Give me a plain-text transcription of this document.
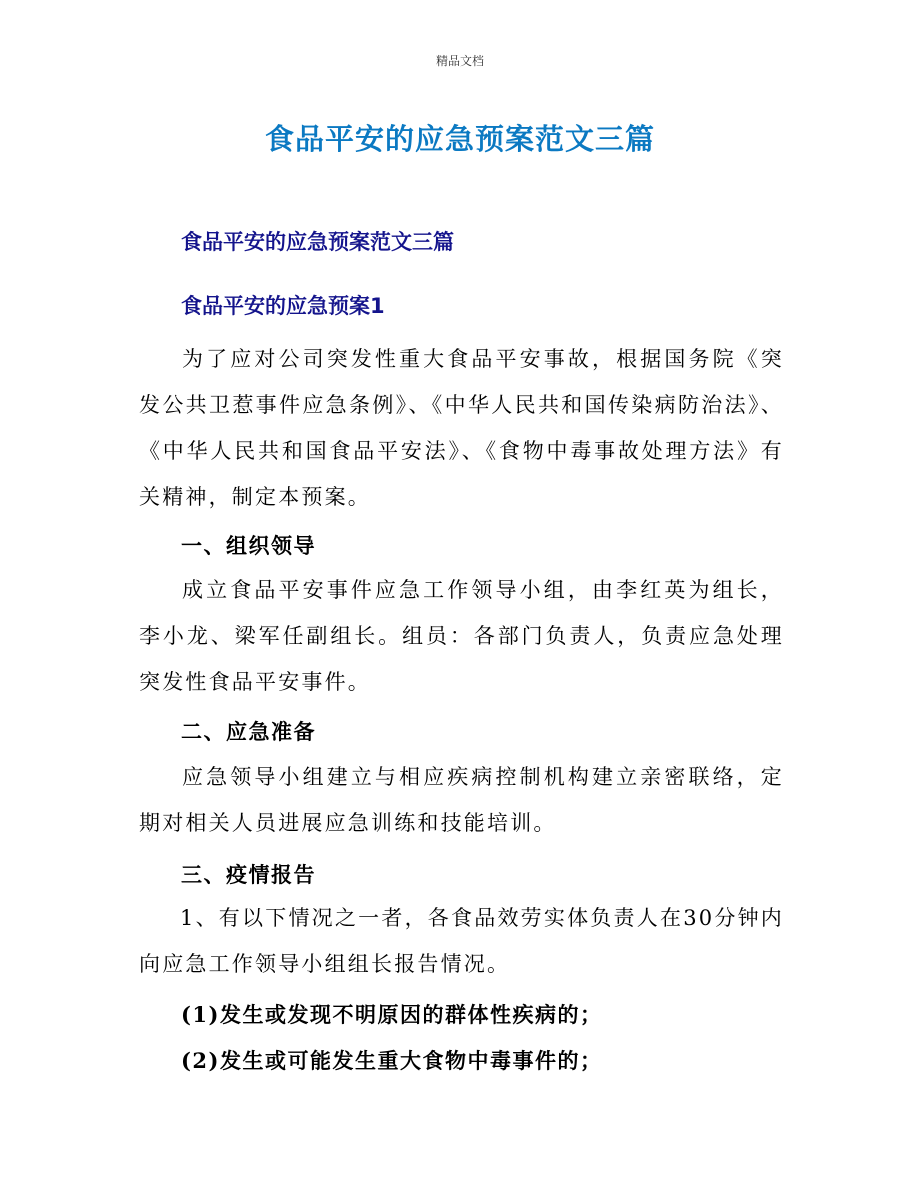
精品文档
食品平安的应急预案范文三篇
食品平安的应急预案范文三篇
食品平安的应急预案1
为了应对公司突发性重大食品平安事故，根据国务院《突发公共卫惹事件应急条例》、《中华人民共和国传染病防治法》、《中华人民共和国食品平安法》、《食物中毒事故处理方法》有关精神，制定本预案。
一、组织领导
成立食品平安事件应急工作领导小组，由李红英为组长，李小龙、梁军任副组长。组员：各部门负责人，负责应急处理突发性食品平安事件。
二、应急准备
应急领导小组建立与相应疾病控制机构建立亲密联络，定期对相关人员进展应急训练和技能培训。
三、疫情报告
1、有以下情况之一者，各食品效劳实体负责人在30分钟内向应急工作领导小组组长报告情况。
(1)发生或发现不明原因的群体性疾病的；
(2)发生或可能发生重大食物中毒事件的；
